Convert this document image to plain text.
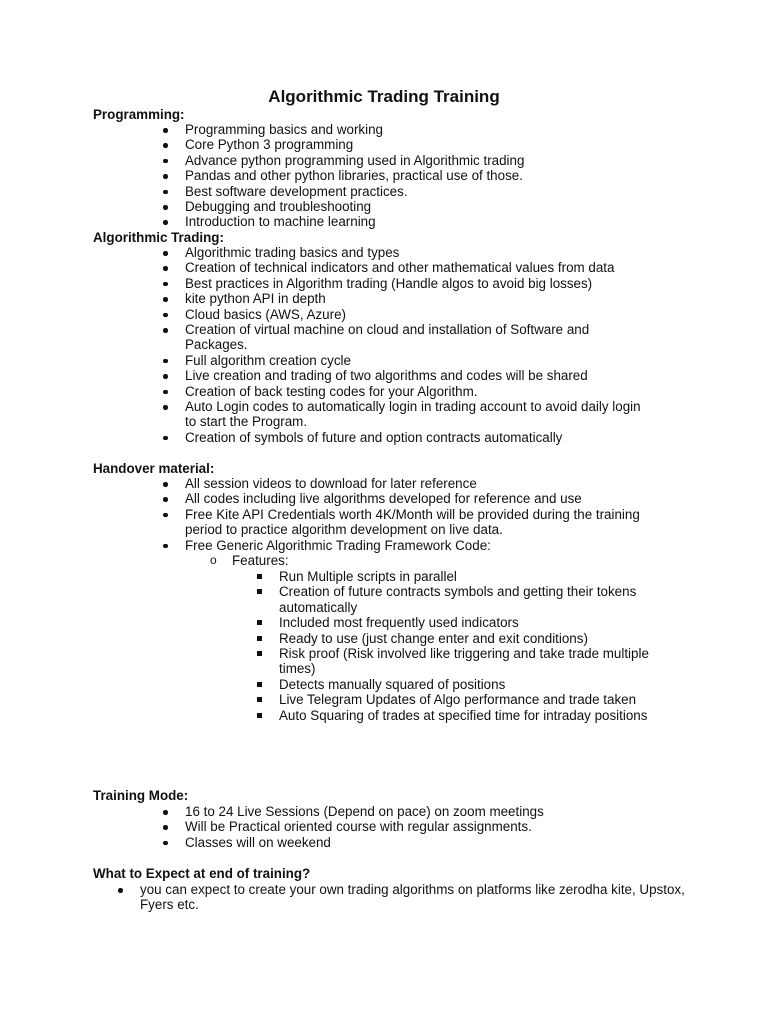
Algorithmic Trading Training

Programming:

Programming basics and working
Core Python 3 programming
Advance python programming used in Algorithmic trading
Pandas and other python libraries, practical use of those.
Best software development practices.
Debugging and troubleshooting
Introduction to machine learning

Algorithmic Trading:

Algorithmic trading basics and types
Creation of technical indicators and other mathematical values from data
Best practices in Algorithm trading (Handle algos to avoid big losses)
kite python API in depth
Cloud basics (AWS, Azure)
Creation of virtual machine on cloud and installation of Software and Packages.
Full algorithm creation cycle
Live creation and trading of two algorithms and codes will be shared
Creation of back testing codes for your Algorithm.
Auto Login codes to automatically login in trading account to avoid daily login to start the Program.
Creation of symbols of future and option contracts automatically

Handover material:

All session videos to download for later reference
All codes including live algorithms developed for reference and use
Free Kite API Credentials worth 4K/Month will be provided during the training period to practice algorithm development on live data.
Free Generic Algorithmic Trading Framework Code:
o Features:
Run Multiple scripts in parallel
Creation of future contracts symbols and getting their tokens automatically
Included most frequently used indicators
Ready to use (just change enter and exit conditions)
Risk proof (Risk involved like triggering and take trade multiple times)
Detects manually squared of positions
Live Telegram Updates of Algo performance and trade taken
Auto Squaring of trades at specified time for intraday positions

Training Mode:

16 to 24 Live Sessions (Depend on pace) on zoom meetings
Will be Practical oriented course with regular assignments.
Classes will on weekend

What to Expect at end of training?

you can expect to create your own trading algorithms on platforms like zerodha kite, Upstox, Fyers etc.
